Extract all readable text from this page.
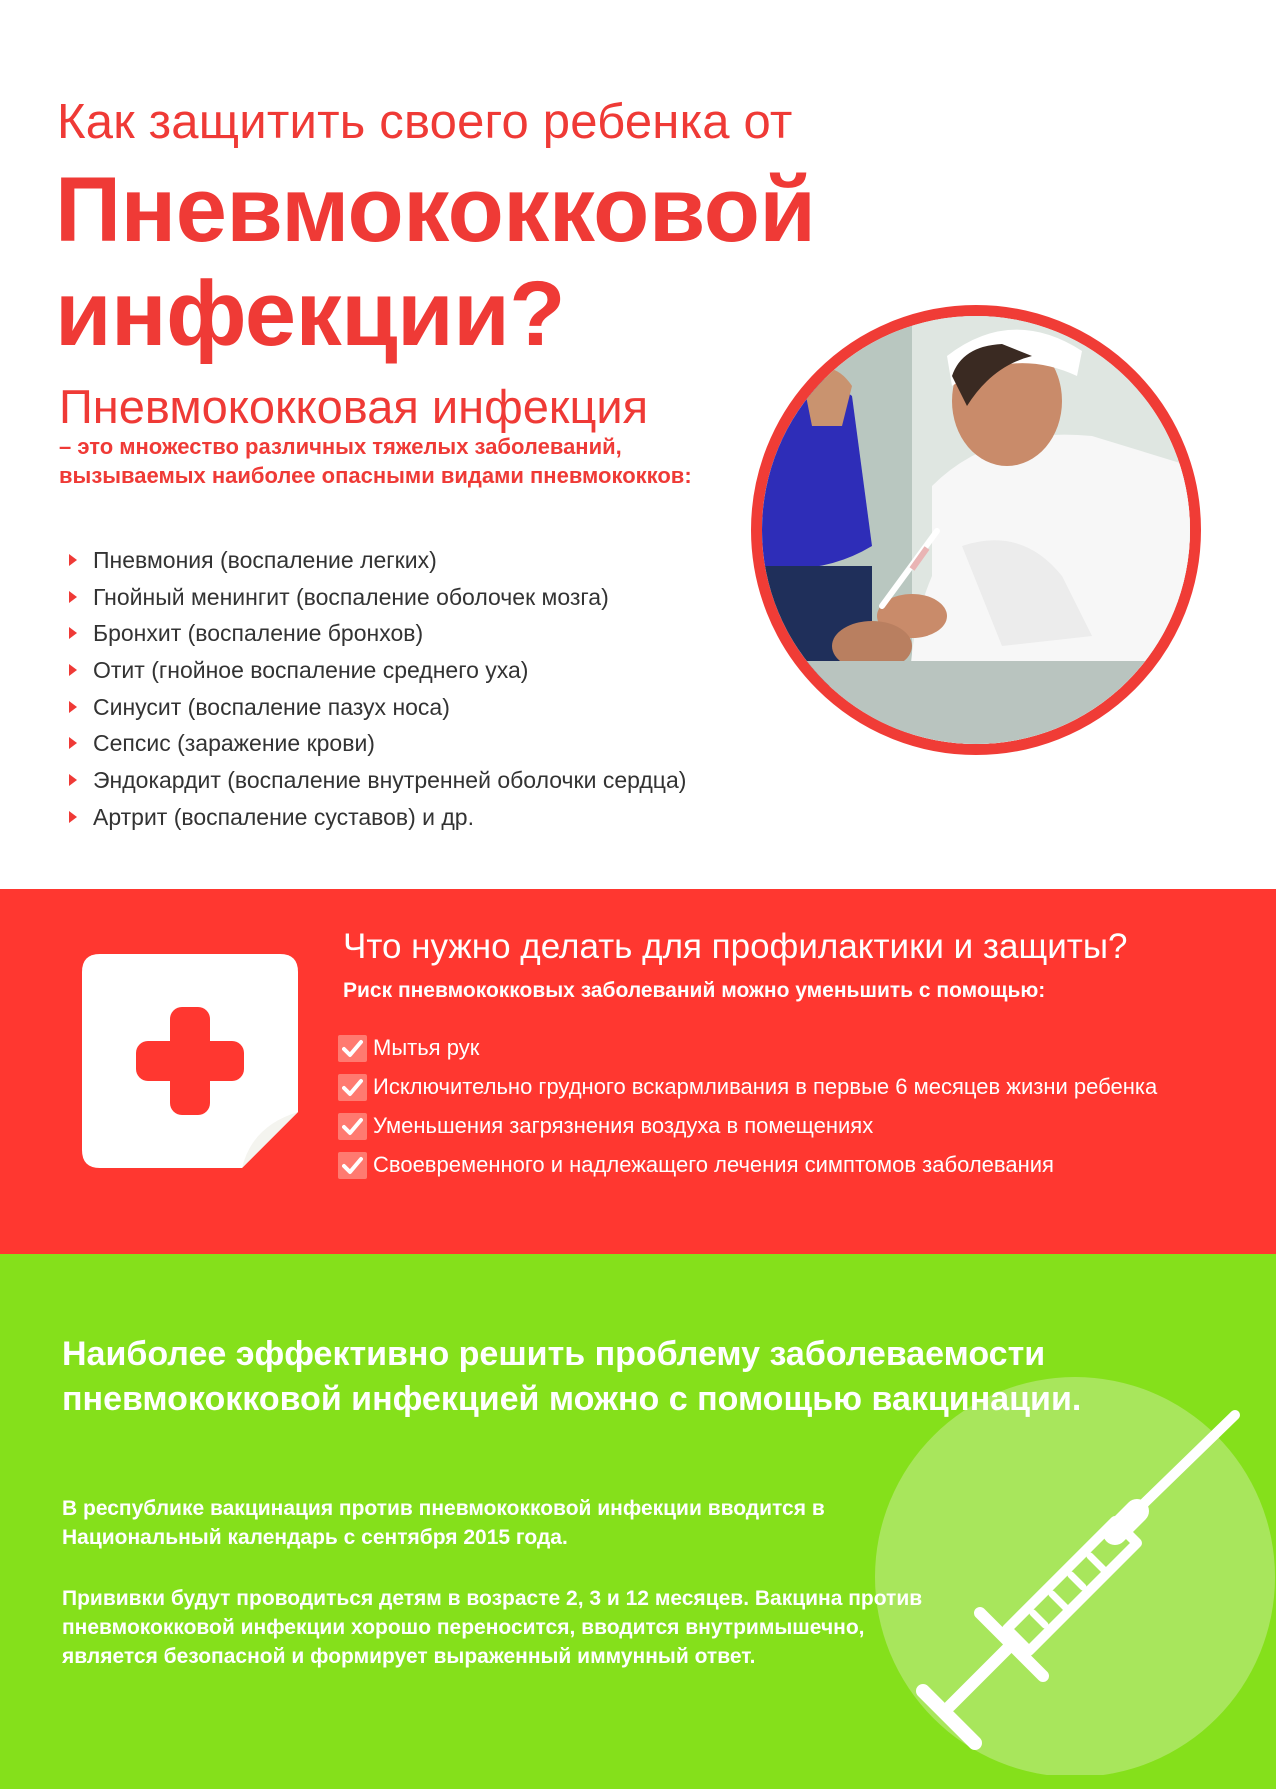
Как защитить своего ребенка от
Пневмококковой
инфекции?
Пневмококковая инфекция
– это множество различных тяжелых заболеваний, вызываемых наиболее опасными видами пневмококков:
Пневмония (воспаление легких)
Гнойный менингит (воспаление оболочек мозга)
Бронхит (воспаление бронхов)
Отит (гнойное воспаление среднего уха)
Синусит (воспаление пазух носа)
Сепсис (заражение крови)
Эндокардит (воспаление внутренней оболочки сердца)
Артрит (воспаление суставов) и др.
Что нужно делать для профилактики и защиты?
Риск пневмококковых заболеваний можно уменьшить с помощью:
Мытья рук
Исключительно грудного вскармливания в первые 6 месяцев жизни ребенка
Уменьшения загрязнения воздуха в помещениях
Своевременного и надлежащего лечения симптомов заболевания
Наиболее эффективно решить проблему заболеваемости пневмококковой инфекцией можно с помощью вакцинации.
В республике вакцинация против пневмококковой инфекции вводится в Национальный календарь с сентября 2015 года.
Прививки будут проводиться детям в возрасте 2, 3 и 12 месяцев. Вакцина против пневмококковой инфекции хорошо переносится, вводится внутримышечно, является безопасной и формирует выраженный иммунный ответ.
